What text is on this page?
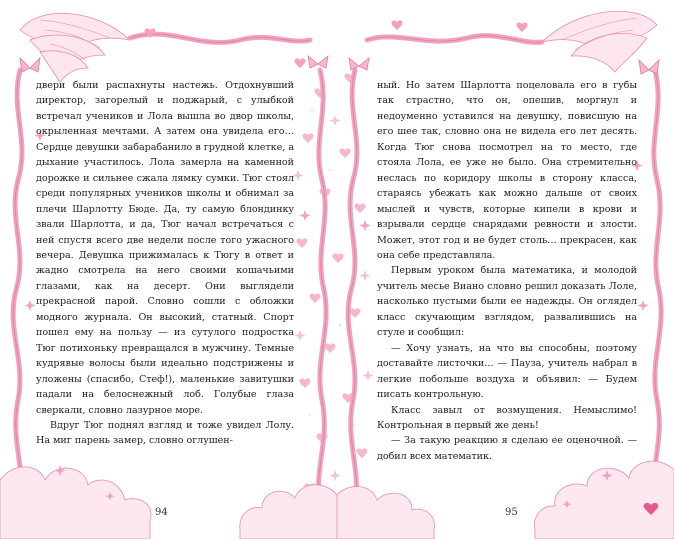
двери были распахнуты настежь. Отдохнувший директор, загорелый и поджарый, с улыбкой встречал учеников и Лола вышла во двор школы, окрыленная мечтами. А затем она увидела его… Сердце девушки забарабанило в грудной клетке, а дыхание участилось. Лола замерла на каменной дорожке и сильнее сжала лямку сумки. Тюг стоял среди популярных учеников школы и обнимал за плечи Шарлотту Бюде. Да, ту самую блондинку звали Шарлотта, и да, Тюг начал встречаться с ней спустя всего две недели после того ужасного вечера. Девушка прижималась к Тюгу в ответ и жадно смотрела на него своими кошачьими глазами, как на десерт. Они выглядели прекрасной парой. Словно сошли с обложки модного журнала. Он высокий, статный. Спорт пошел ему на пользу — из сутулого подростка Тюг потихоньку превращался в мужчину. Темные кудрявые волосы были идеально подстрижены и уложены (спасибо, Стеф!), маленькие завитушки падали на белоснежный лоб. Голубые глаза сверкали, словно лазурное море.

Вдруг Тюг поднял взгляд и тоже увидел Лолу. На миг парень замер, словно оглушен-

94

ный. Но затем Шарлотта поцеловала его в губы так страстно, что он, опешив, моргнул и недоуменно уставился на девушку, повисшую на его шее так, словно она не видела его лет десять. Когда Тюг снова посмотрел на то место, где стояла Лола, ее уже не было. Она стремительно неслась по коридору школы в сторону класса, стараясь убежать как можно дальше от своих мыслей и чувств, которые кипели в крови и взрывали сердце снарядами ревности и злости. Может, этот год и не будет столь… прекрасен, как она себе представляла.

Первым уроком была математика, и молодой учитель месье Виано словно решил доказать Лоле, насколько пустыми были ее надежды. Он оглядел класс скучающим взглядом, развалившись на стуле и сообщил:

— Хочу узнать, на что вы способны, поэтому доставайте листочки… — Пауза, учитель набрал в легкие побольше воздуха и объявил: — Будем писать контрольную.

Класс завыл от возмущения. Немыслимо! Контрольная в первый же день!

— За такую реакцию я сделаю ее оценочной. — добил всех математик.

95
